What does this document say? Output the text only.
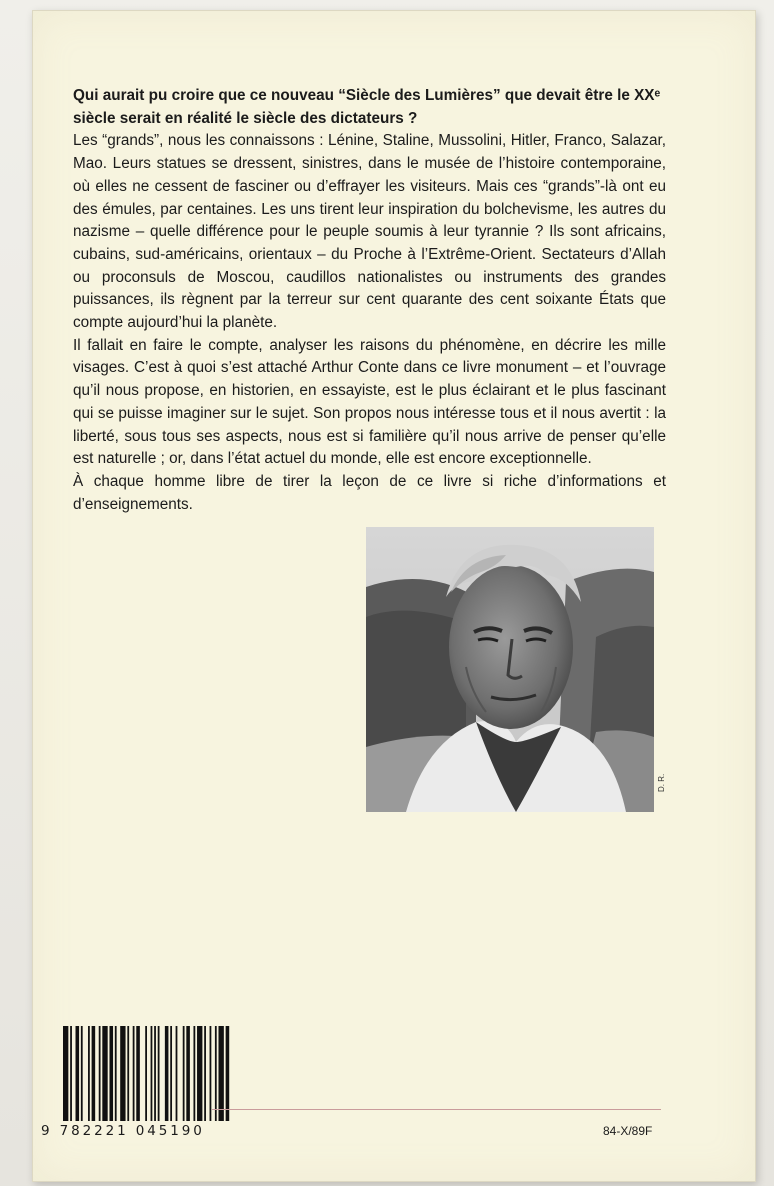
Qui aurait pu croire que ce nouveau “Siècle des Lumières” que devait être le XXᵉ siècle serait en réalité le siècle des dictateurs ?

Les “grands”, nous les connaissons : Lénine, Staline, Mussolini, Hitler, Franco, Salazar, Mao. Leurs statues se dressent, sinistres, dans le musée de l’histoire contemporaine, où elles ne cessent de fasciner ou d’effrayer les visiteurs. Mais ces “grands”-là ont eu des émules, par centaines. Les uns tirent leur inspiration du bolchevisme, les autres du nazisme – quelle différence pour le peuple soumis à leur tyrannie ? Ils sont africains, cubains, sud-américains, orientaux – du Proche à l’Extrême-Orient. Sectateurs d’Allah ou proconsuls de Moscou, caudillos nationalistes ou instruments des grandes puissances, ils règnent par la terreur sur cent quarante des cent soixante États que compte aujourd’hui la planète.

Il fallait en faire le compte, analyser les raisons du phénomène, en décrire les mille visages. C’est à quoi s’est attaché Arthur Conte dans ce livre monument – et l’ouvrage qu’il nous propose, en historien, en essayiste, est le plus éclairant et le plus fascinant qui se puisse imaginer sur le sujet. Son propos nous intéresse tous et il nous avertit : la liberté, sous tous ses aspects, nous est si familière qu’il nous arrive de penser qu’elle est naturelle ; or, dans l’état actuel du monde, elle est encore exceptionnelle.

À chaque homme libre de tirer la leçon de ce livre si riche d’informations et d’enseignements.

D. R.
9 782221 045190	84-X/89F
